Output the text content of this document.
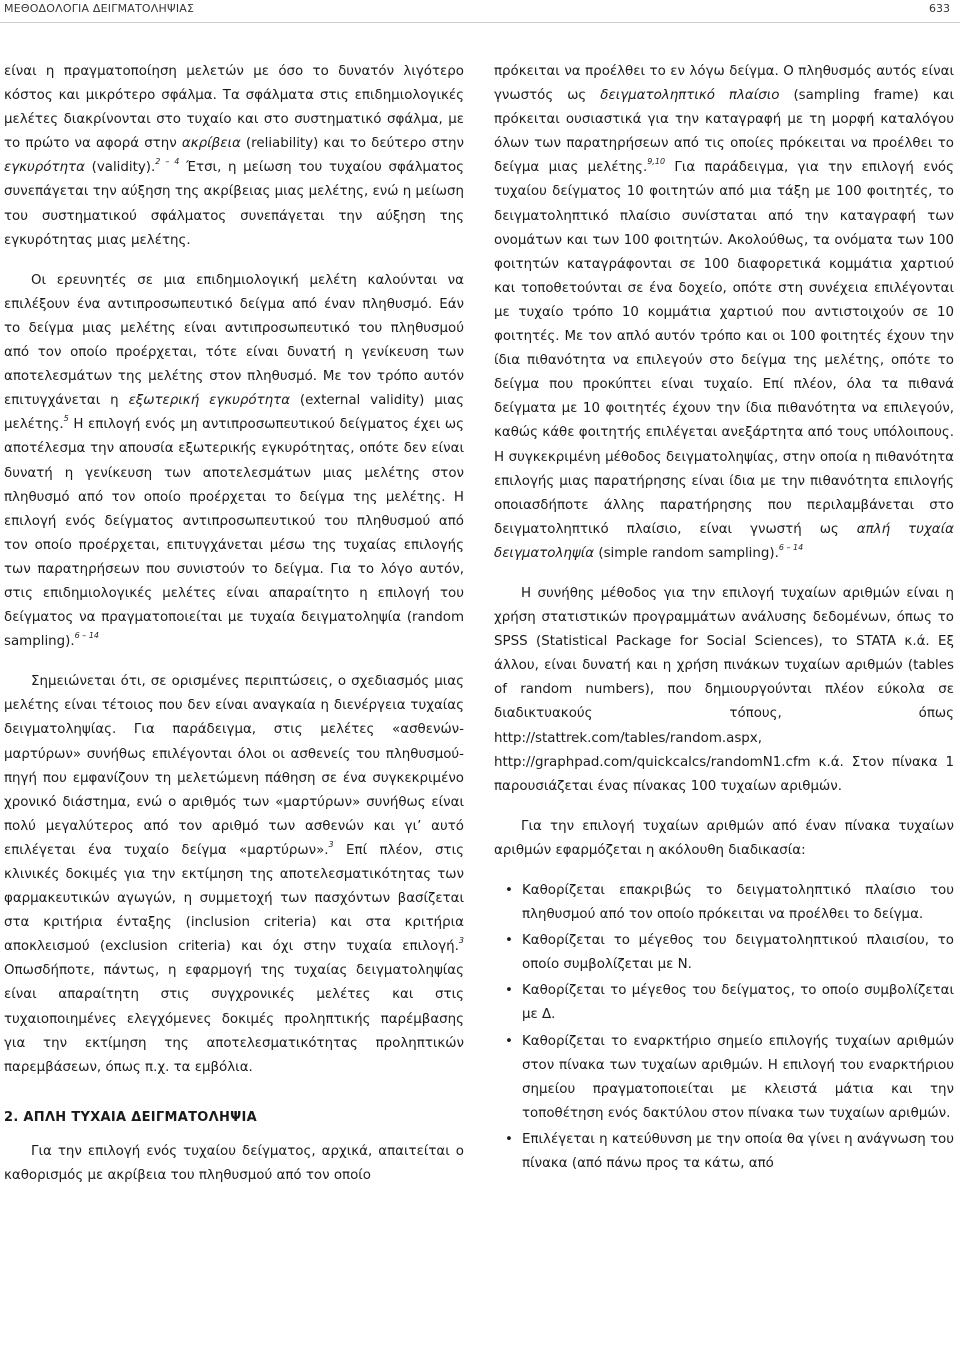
ΜΕΘΟΔΟΛΟΓΙΑ ΔΕΙΓΜΑΤΟΛΗΨΙΑΣ	633

είναι η πραγματοποίηση μελετών με όσο το δυνατόν λιγότερο κόστος και μικρότερο σφάλμα. Τα σφάλματα στις επιδημιολογικές μελέτες διακρίνονται στο τυχαίο και στο συστηματικό σφάλμα, με το πρώτο να αφορά στην ακρίβεια (reliability) και το δεύτερο στην εγκυρότητα (validity).$^{2 - 4}$ Έτσι, η μείωση του τυχαίου σφάλματος συνεπάγεται την αύξηση της ακρίβειας μιας μελέτης, ενώ η μείωση του συστηματικού σφάλματος συνεπάγεται την αύξηση της εγκυρότητας μιας μελέτης.

Οι ερευνητές σε μια επιδημιολογική μελέτη καλούνται να επιλέξουν ένα αντιπροσωπευτικό δείγμα από έναν πληθυσμό. Εάν το δείγμα μιας μελέτης είναι αντιπροσωπευτικό του πληθυσμού από τον οποίο προέρχεται, τότε είναι δυνατή η γενίκευση των αποτελεσμάτων της μελέτης στον πληθυσμό. Με τον τρόπο αυτόν επιτυγχάνεται η εξωτερική εγκυρότητα (external validity) μιας μελέτης.$^5$ Η επιλογή ενός μη αντιπροσωπευτικού δείγματος έχει ως αποτέλεσμα την απουσία εξωτερικής εγκυρότητας, οπότε δεν είναι δυνατή η γενίκευση των αποτελεσμάτων μιας μελέτης στον πληθυσμό από τον οποίο προέρχεται το δείγμα της μελέτης. Η επιλογή ενός δείγματος αντιπροσωπευτικού του πληθυσμού από τον οποίο προέρχεται, επιτυγχάνεται μέσω της τυχαίας επιλογής των παρατηρήσεων που συνιστούν το δείγμα. Για το λόγο αυτόν, στις επιδημιολογικές μελέτες είναι απαραίτητο η επιλογή του δείγματος να πραγματοποιείται με τυχαία δειγματοληψία (random sampling).$^{6 - 14}$

Σημειώνεται ότι, σε ορισμένες περιπτώσεις, ο σχεδιασμός μιας μελέτης είναι τέτοιος που δεν είναι αναγκαία η διενέργεια τυχαίας δειγματοληψίας. Για παράδειγμα, στις μελέτες «ασθενών-μαρτύρων» συνήθως επιλέγονται όλοι οι ασθενείς του πληθυσμού-πηγή που εμφανίζουν τη μελετώμενη πάθηση σε ένα συγκεκριμένο χρονικό διάστημα, ενώ ο αριθμός των «μαρτύρων» συνήθως είναι πολύ μεγαλύτερος από τον αριθμό των ασθενών και γι’ αυτό επιλέγεται ένα τυχαίο δείγμα «μαρτύρων».$^3$ Επί πλέον, στις κλινικές δοκιμές για την εκτίμηση της αποτελεσματικότητας των φαρμακευτικών αγωγών, η συμμετοχή των πασχόντων βασίζεται στα κριτήρια ένταξης (inclusion criteria) και στα κριτήρια αποκλεισμού (exclusion criteria) και όχι στην τυχαία επιλογή.$^3$ Οπωσδήποτε, πάντως, η εφαρμογή της τυχαίας δειγματοληψίας είναι απαραίτητη στις συγχρονικές μελέτες και στις τυχαιοποιημένες ελεγχόμενες δοκιμές προληπτικής παρέμβασης για την εκτίμηση της αποτελεσματικότητας προληπτικών παρεμβάσεων, όπως π.χ. τα εμβόλια.

2. ΑΠΛΗ ΤΥΧΑΙΑ ΔΕΙΓΜΑΤΟΛΗΨΙΑ

Για την επιλογή ενός τυχαίου δείγματος, αρχικά, απαιτείται ο καθορισμός με ακρίβεια του πληθυσμού από τον οποίο

πρόκειται να προέλθει το εν λόγω δείγμα. Ο πληθυσμός αυτός είναι γνωστός ως δειγματοληπτικό πλαίσιο (sampling frame) και πρόκειται ουσιαστικά για την καταγραφή με τη μορφή καταλόγου όλων των παρατηρήσεων από τις οποίες πρόκειται να προέλθει το δείγμα μιας μελέτης.$^{9,10}$ Για παράδειγμα, για την επιλογή ενός τυχαίου δείγματος 10 φοιτητών από μια τάξη με 100 φοιτητές, το δειγματοληπτικό πλαίσιο συνίσταται από την καταγραφή των ονομάτων και των 100 φοιτητών. Ακολούθως, τα ονόματα των 100 φοιτητών καταγράφονται σε 100 διαφορετικά κομμάτια χαρτιού και τοποθετούνται σε ένα δοχείο, οπότε στη συνέχεια επιλέγονται με τυχαίο τρόπο 10 κομμάτια χαρτιού που αντιστοιχούν σε 10 φοιτητές. Με τον απλό αυτόν τρόπο και οι 100 φοιτητές έχουν την ίδια πιθανότητα να επιλεγούν στο δείγμα της μελέτης, οπότε το δείγμα που προκύπτει είναι τυχαίο. Επί πλέον, όλα τα πιθανά δείγματα με 10 φοιτητές έχουν την ίδια πιθανότητα να επιλεγούν, καθώς κάθε φοιτητής επιλέγεται ανεξάρτητα από τους υπόλοιπους. Η συγκεκριμένη μέθοδος δειγματοληψίας, στην οποία η πιθανότητα επιλογής μιας παρατήρησης είναι ίδια με την πιθανότητα επιλογής οποιασδήποτε άλλης παρατήρησης που περιλαμβάνεται στο δειγματοληπτικό πλαίσιο, είναι γνωστή ως απλή τυχαία δειγματοληψία (simple random sampling).$^{6 - 14}$

Η συνήθης μέθοδος για την επιλογή τυχαίων αριθμών είναι η χρήση στατιστικών προγραμμάτων ανάλυσης δεδομένων, όπως το SPSS (Statistical Package for Social Sciences), το STATA κ.ά. Εξ άλλου, είναι δυνατή και η χρήση πινάκων τυχαίων αριθμών (tables of random numbers), που δημιουργούνται πλέον εύκολα σε διαδικτυακούς τόπους, όπως http://stattrek.com/tables/random.aspx, http://graphpad.com/quickcalcs/randomN1.cfm κ.ά. Στον πίνακα 1 παρουσιάζεται ένας πίνακας 100 τυχαίων αριθμών.

Για την επιλογή τυχαίων αριθμών από έναν πίνακα τυχαίων αριθμών εφαρμόζεται η ακόλουθη διαδικασία:

• Καθορίζεται επακριβώς το δειγματοληπτικό πλαίσιο του πληθυσμού από τον οποίο πρόκειται να προέλθει το δείγμα.
• Καθορίζεται το μέγεθος του δειγματοληπτικού πλαισίου, το οποίο συμβολίζεται με Ν.
• Καθορίζεται το μέγεθος του δείγματος, το οποίο συμβολίζεται με Δ.
• Καθορίζεται το εναρκτήριο σημείο επιλογής τυχαίων αριθμών στον πίνακα των τυχαίων αριθμών. Η επιλογή του εναρκτήριου σημείου πραγματοποιείται με κλειστά μάτια και την τοποθέτηση ενός δακτύλου στον πίνακα των τυχαίων αριθμών.
• Επιλέγεται η κατεύθυνση με την οποία θα γίνει η ανάγνωση του πίνακα (από πάνω προς τα κάτω, από
